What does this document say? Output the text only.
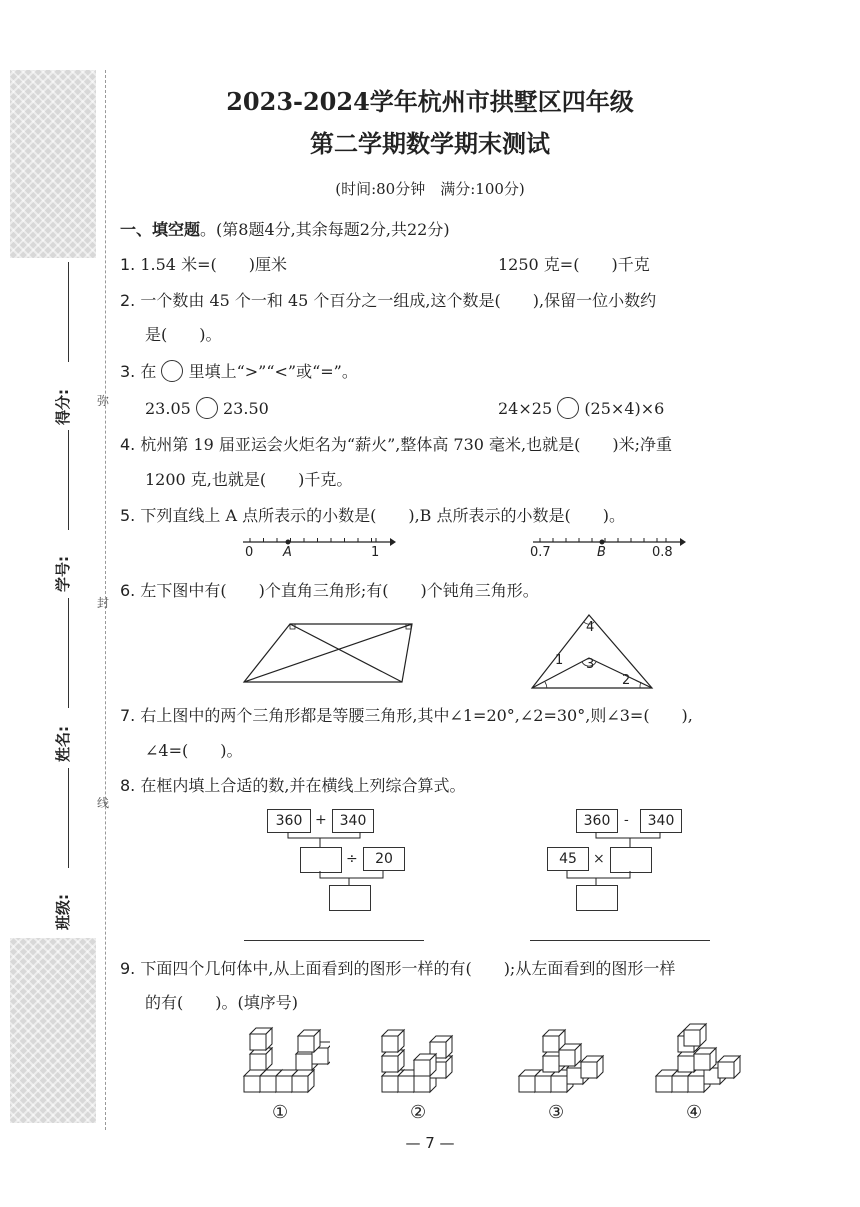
得分:
学号:
姓名:
班级:
弥
封
线
2023-2024学年杭州市拱墅区四年级
第二学期数学期末测试
(时间:80分钟　满分:100分)
一、填空题。(第8题4分,其余每题2分,共22分)
1. 1.54 米=(　　)厘米	1250 克=(　　)千克
2. 一个数由 45 个一和 45 个百分之一组成,这个数是(　　),保留一位小数约
是(　　)。
3. 在 里填上“>”“<”或“=”。
23.05 23.50	24×25 (25×4)×6
4. 杭州第 19 届亚运会火炬名为“薪火”,整体高 730 毫米,也就是(　　)米;净重
1200 克,也就是(　　)千克。
5. 下列直线上 A 点所表示的小数是(　　),B 点所表示的小数是(　　)。
0 A	1	0.7	B	0.8
6. 左下图中有(　　)个直角三角形;有(　　)个钝角三角形。
4
1 3
2
7. 右上图中的两个三角形都是等腰三角形,其中∠1=20°,∠2=30°,则∠3=(　　),
∠4=(　　)。
8. 在框内填上合适的数,并在横线上列综合算式。
360 + 340
÷	20
360 -	340
45	×
9. 下面四个几何体中,从上面看到的图形一样的有(　　);从左面看到的图形一样
的有(　　)。(填序号)
①	②	③	④
— 7 —
